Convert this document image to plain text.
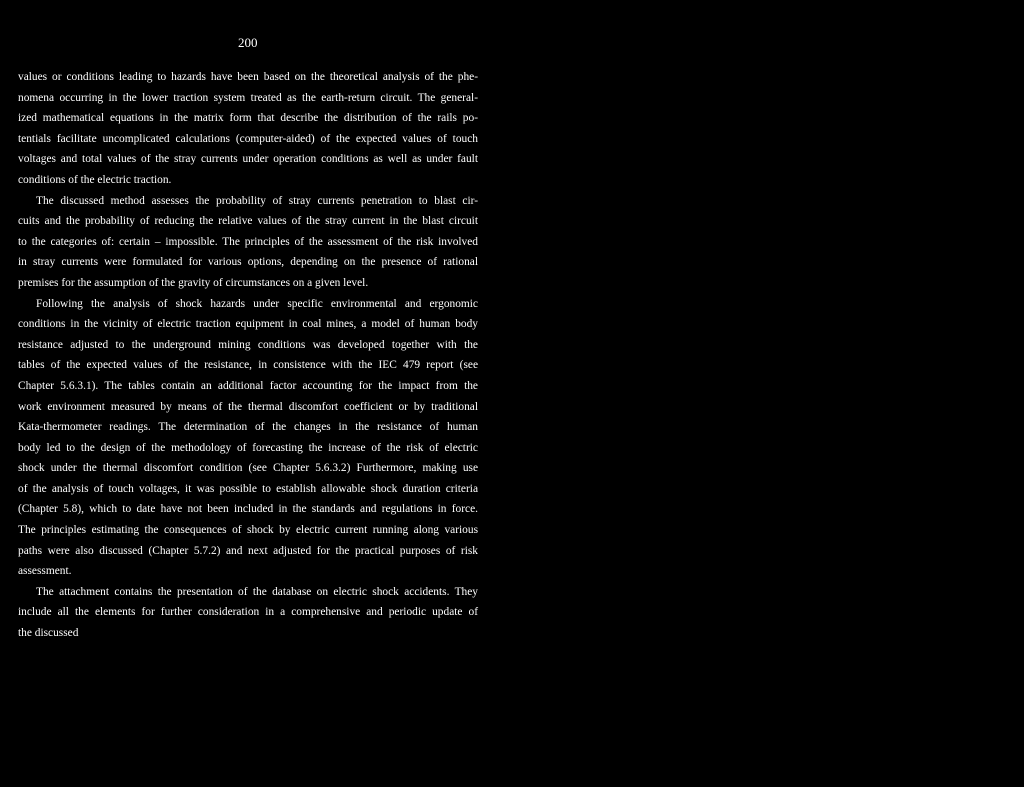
200
values or conditions leading to hazards have been based on the theoretical analysis of the phe-
nomena occurring in the lower traction system treated as the earth-return circuit. The general-
ized mathematical equations in the matrix form that describe the distribution of the rails po-
tentials facilitate uncomplicated calculations (computer-aided) of the expected values of touch
voltages and total values of the stray currents under operation conditions as well as under fault
conditions of the electric traction.
The discussed method assesses the probability of stray currents penetration to blast cir-
cuits and the probability of reducing the relative values of the stray current in the blast circuit
to the categories of: certain – impossible. The principles of the assessment of the risk involved
in stray currents were formulated for various options, depending on the presence of rational
premises for the assumption of the gravity of circumstances on a given level.
Following the analysis of shock hazards under specific environmental and ergonomic
conditions in the vicinity of electric traction equipment in coal mines, a model of human body
resistance adjusted to the underground mining conditions was developed together with the
tables of the expected values of the resistance, in consistence with the IEC 479 report (see
Chapter 5.6.3.1). The tables contain an additional factor accounting for the impact from the
work environment measured by means of the thermal discomfort coefficient or by traditional
Kata-thermometer readings. The determination of the changes in the resistance of human
body led to the design of the methodology of forecasting the increase of the risk of electric
shock under the thermal discomfort condition (see Chapter 5.6.3.2) Furthermore, making use
of the analysis of touch voltages, it was possible to establish allowable shock duration criteria
(Chapter 5.8), which to date have not been included in the standards and regulations in force.
The principles estimating the consequences of shock by electric current running along various
paths were also discussed (Chapter 5.7.2) and next adjusted for the practical purposes of risk
assessment.
The attachment contains the presentation of the database on electric shock accidents. They
include all the elements for further consideration in a comprehensive and periodic update of
the discussed
